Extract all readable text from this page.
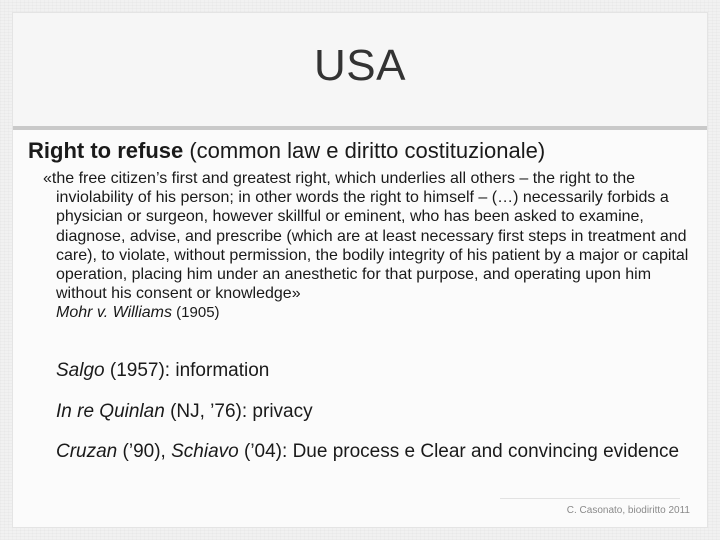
USA

Right to refuse (common law e diritto costituzionale)

«the free citizen’s first and greatest right, which underlies all others – the right to the inviolability of his person; in other words the right to himself – (…) necessarily forbids a physician or surgeon, however skillful or eminent, who has been asked to examine, diagnose, advise, and prescribe (which are at least necessary first steps in treatment and care), to violate, without permission, the bodily integrity of his patient by a major or capital operation, placing him under an anesthetic for that purpose, and operating upon him without his consent or knowledge»
Mohr v. Williams (1905)

Salgo (1957): information

In re Quinlan (NJ, ’76): privacy

Cruzan (’90), Schiavo (’04): Due process e Clear and convincing evidence

C. Casonato, biodiritto 2011
